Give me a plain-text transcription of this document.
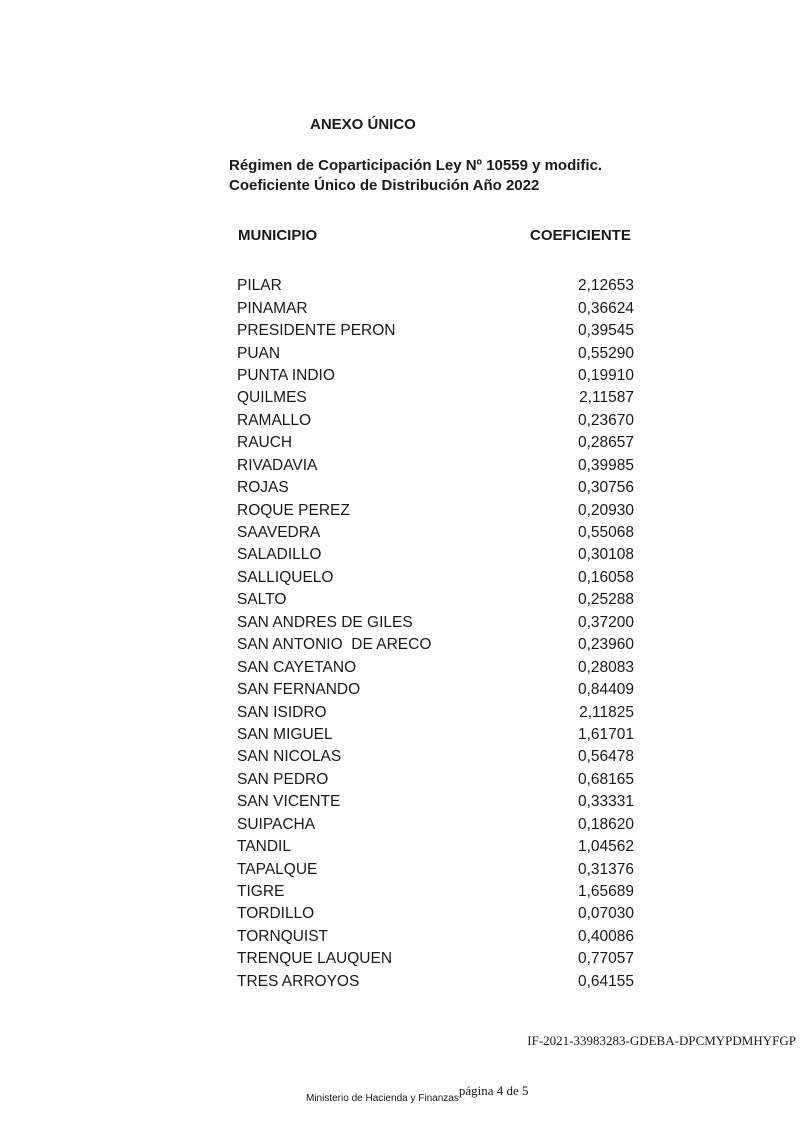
ANEXO ÚNICO
Régimen de Coparticipación Ley Nº 10559 y modific.
Coeficiente Único de Distribución Año 2022
MUNICIPIO	COEFICIENTE
PILAR	2,12653
PINAMAR	0,36624
PRESIDENTE PERON	0,39545
PUAN	0,55290
PUNTA INDIO	0,19910
QUILMES	2,11587
RAMALLO	0,23670
RAUCH	0,28657
RIVADAVIA	0,39985
ROJAS	0,30756
ROQUE PEREZ	0,20930
SAAVEDRA	0,55068
SALADILLO	0,30108
SALLIQUELO	0,16058
SALTO	0,25288
SAN ANDRES DE GILES	0,37200
SAN ANTONIO  DE ARECO	0,23960
SAN CAYETANO	0,28083
SAN FERNANDO	0,84409
SAN ISIDRO	2,11825
SAN MIGUEL	1,61701
SAN NICOLAS	0,56478
SAN PEDRO	0,68165
SAN VICENTE	0,33331
SUIPACHA	0,18620
TANDIL	1,04562
TAPALQUE	0,31376
TIGRE	1,65689
TORDILLO	0,07030
TORNQUIST	0,40086
TRENQUE LAUQUEN	0,77057
TRES ARROYOS	0,64155
IF-2021-33983283-GDEBA-DPCMYPDMHYFGP
Ministerio de Hacienda y Finanzas$^{página 4 de 5}$
